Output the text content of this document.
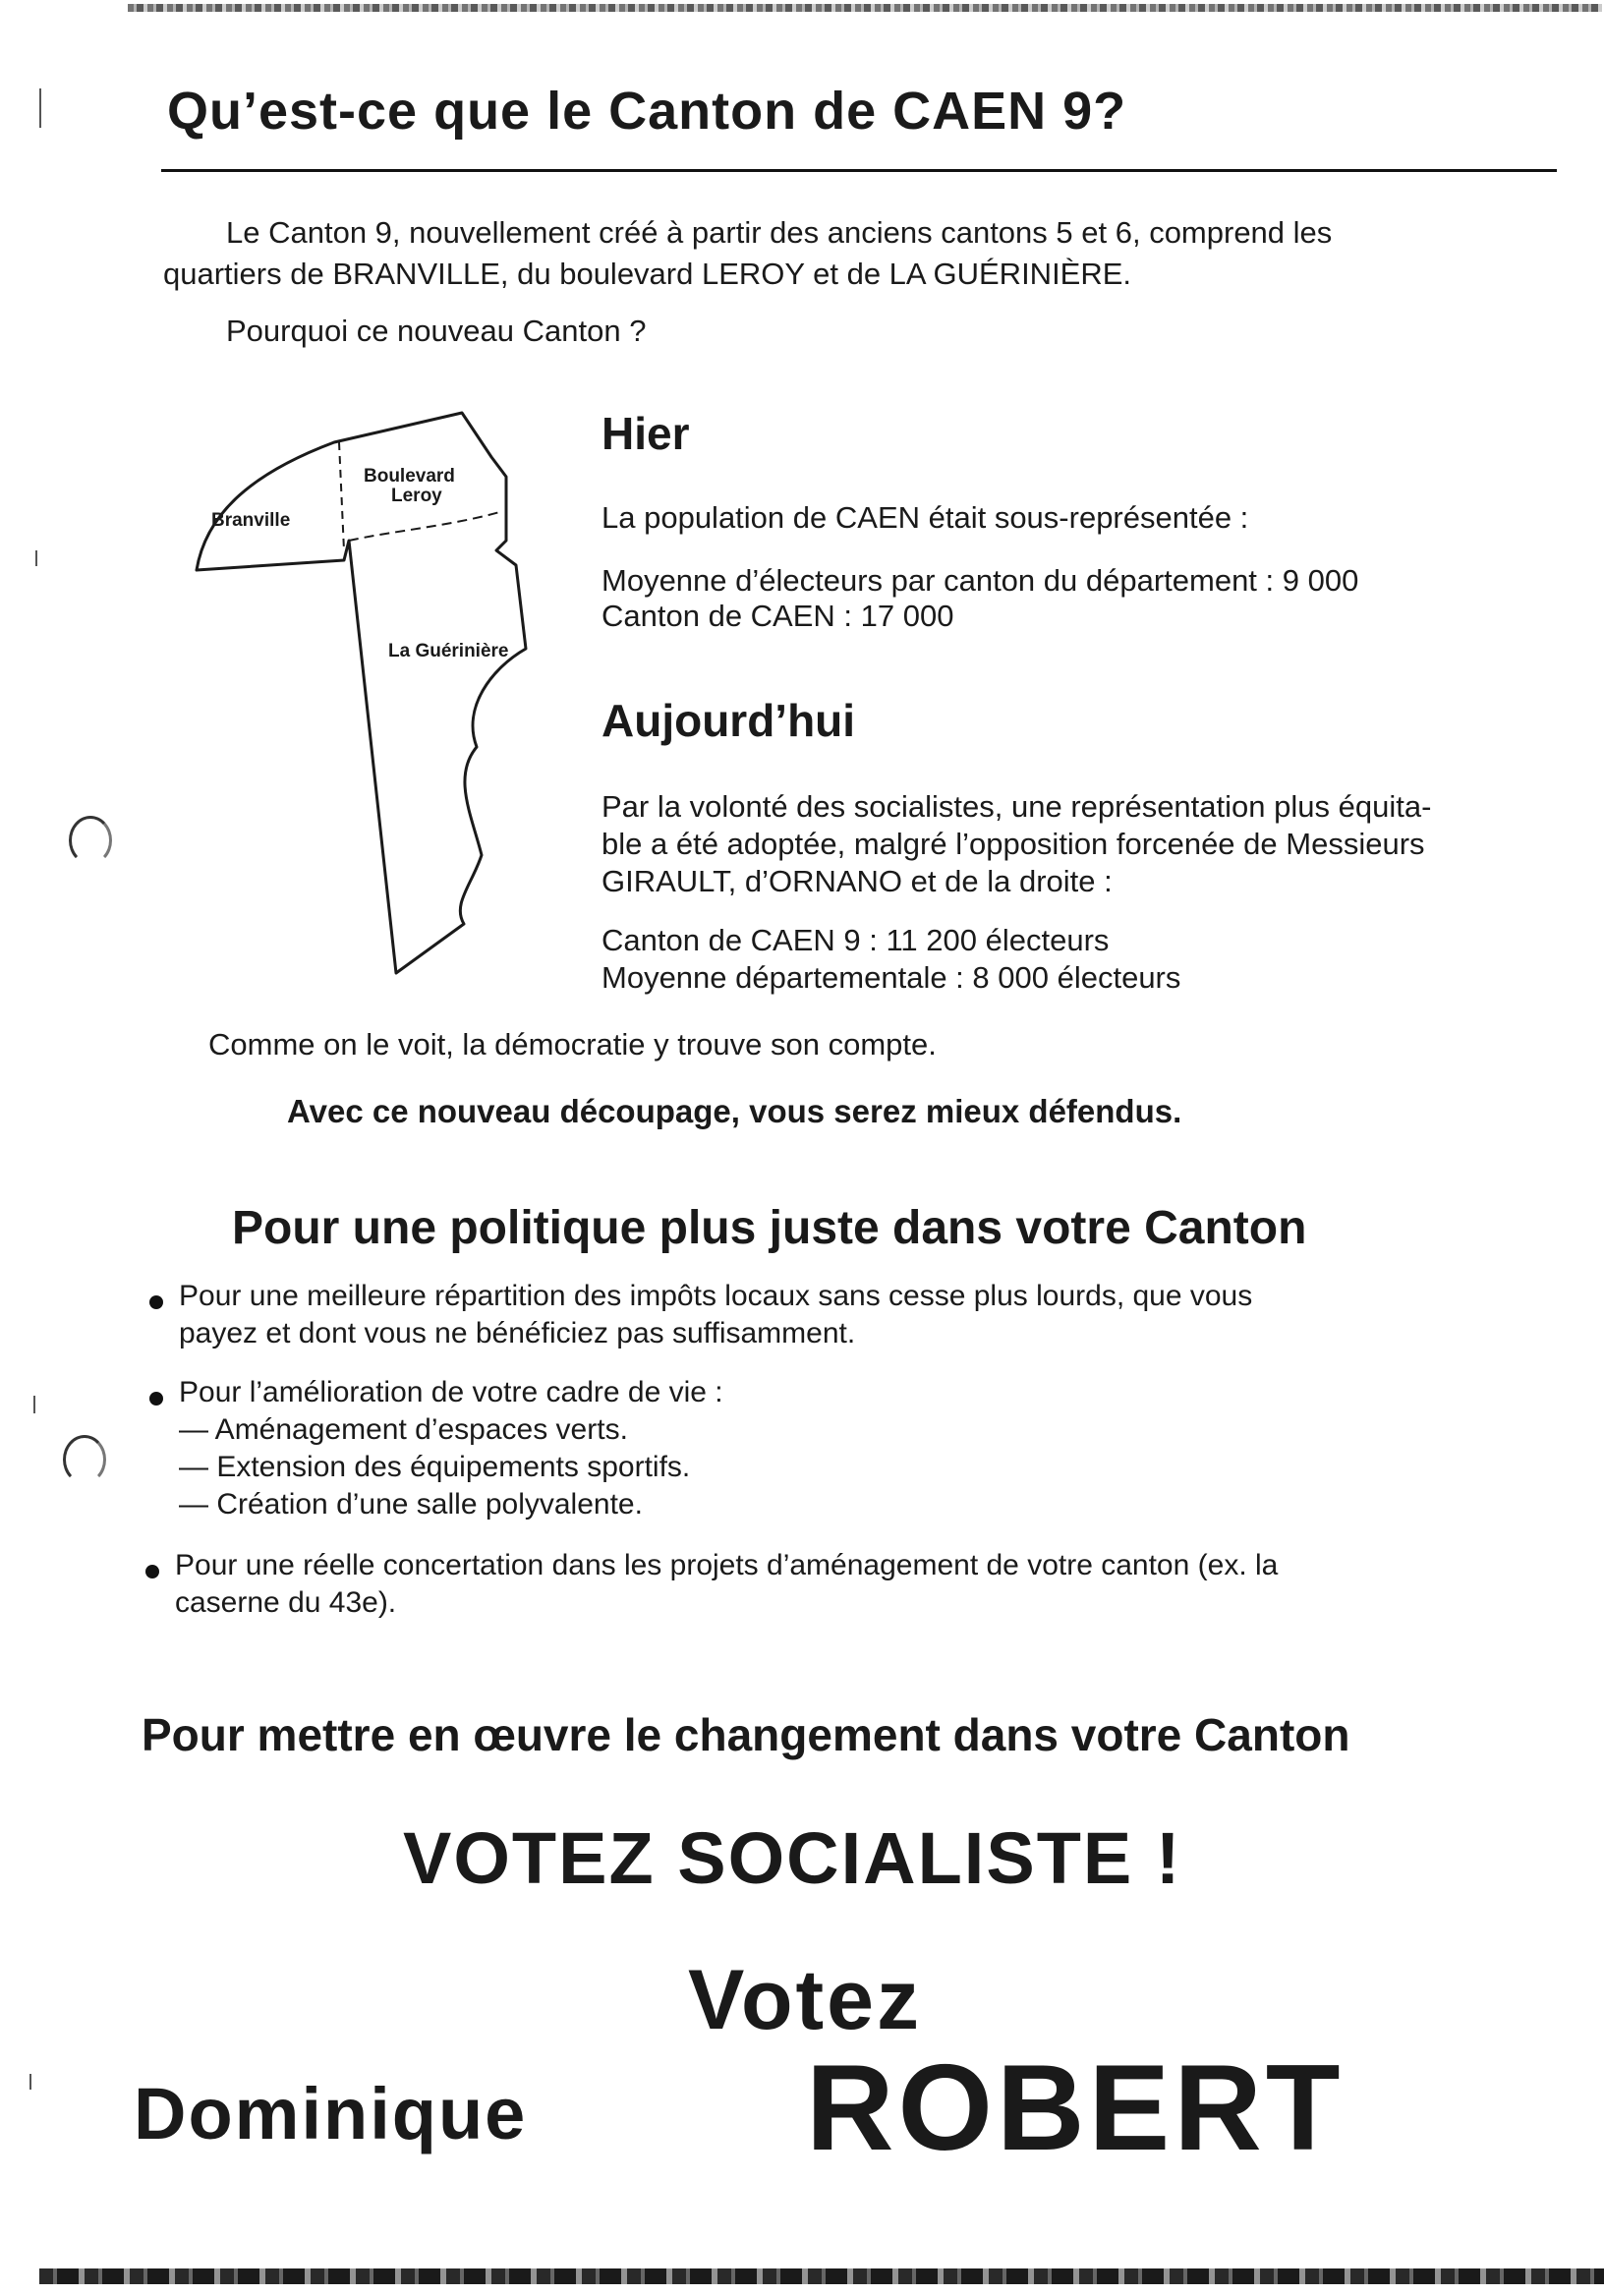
Qu’est-ce que le Canton de CAEN 9?
Le Canton 9, nouvellement créé à partir des anciens cantons 5 et 6, comprend les
quartiers de BRANVILLE, du boulevard LEROY et de LA GUÉRINIÈRE.
Pourquoi ce nouveau Canton ?
Branville
Boulevard
Leroy
La Guérinière
Hier
La population de CAEN était sous-représentée :
Moyenne d’électeurs par canton du département : 9 000
Canton de CAEN : 17 000
Aujourd’hui
Par la volonté des socialistes, une représentation plus équita-
ble a été adoptée, malgré l’opposition forcenée de Messieurs
GIRAULT, d’ORNANO et de la droite :
Canton de CAEN 9 : 11 200 électeurs
Moyenne départementale : 8 000 électeurs
Comme on le voit, la démocratie y trouve son compte.
Avec ce nouveau découpage, vous serez mieux défendus.
Pour une politique plus juste dans votre Canton
Pour une meilleure répartition des impôts locaux sans cesse plus lourds, que vous
payez et dont vous ne bénéficiez pas suffisamment.
Pour l’amélioration de votre cadre de vie :
— Aménagement d’espaces verts.
— Extension des équipements sportifs.
— Création d’une salle polyvalente.
Pour une réelle concertation dans les projets d’aménagement de votre canton (ex. la
caserne du 43e).
Pour mettre en œuvre le changement dans votre Canton
VOTEZ SOCIALISTE !
Votez
Dominique ROBERT
